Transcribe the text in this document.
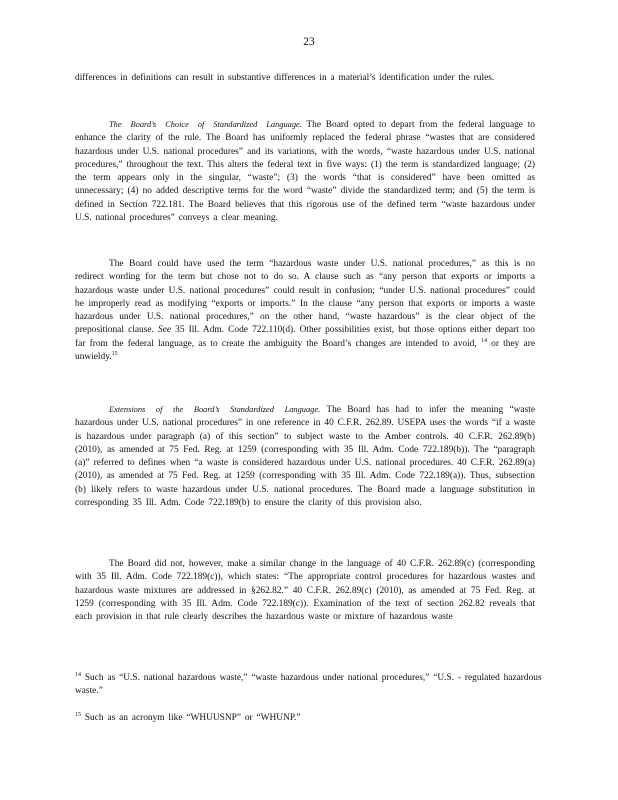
23

differences in definitions can result in substantive differences in a material’s identification under the rules.

The Board’s Choice of Standardized Language. The Board opted to depart from the federal language to enhance the clarity of the rule. The Board has uniformly replaced the federal phrase “wastes that are considered hazardous under U.S. national procedures” and its variations, with the words, “waste hazardous under U.S. national procedures,” throughout the text. This alters the federal text in five ways: (1) the term is standardized language; (2) the term appears only in the singular, “waste”; (3) the words “that is considered” have been omitted as unnecessary; (4) no added descriptive terms for the word “waste” divide the standardized term; and (5) the term is defined in Section 722.181. The Board believes that this rigorous use of the defined term “waste hazardous under U.S. national procedures” conveys a clear meaning.

The Board could have used the term “hazardous waste under U.S. national procedures,” as this is no redirect wording for the term but chose not to do so. A clause such as “any person that exports or imports a hazardous waste under U.S. national procedures” could result in confusion; “under U.S. national procedures” could be improperly read as modifying “exports or imports.” In the clause “any person that exports or imports a waste hazardous under U.S. national procedures,” on the other hand, “waste hazardous” is the clear object of the prepositional clause. See 35 Ill. Adm. Code 722.110(d). Other possibilities exist, but those options either depart too far from the federal language, as to create the ambiguity the Board’s changes are intended to avoid, $^{14}$ or they are unwieldy.$^{15}$

Extensions of the Board’s Standardized Language. The Board has had to infer the meaning “waste hazardous under U.S. national procedures” in one reference in 40 C.F.R. 262.89. USEPA uses the words “if a waste is hazardous under paragraph (a) of this section” to subject waste to the Amber controls. 40 C.F.R. 262.89(b) (2010), as amended at 75 Fed. Reg. at 1259 (corresponding with 35 Ill. Adm. Code 722.189(b)). The “paragraph (a)” referred to defines when “a waste is considered hazardous under U.S. national procedures. 40 C.F.R. 262.89(a) (2010), as amended at 75 Fed. Reg. at 1259 (corresponding with 35 Ill. Adm. Code 722.189(a)). Thus, subsection (b) likely refers to waste hazardous under U.S. national procedures. The Board made a language substitution in corresponding 35 Ill. Adm. Code 722.189(b) to ensure the clarity of this provision also.

The Board did not, however, make a similar change in the language of 40 C.F.R. 262.89(c) (corresponding with 35 Ill. Adm. Code 722.189(c)), which states: “The appropriate control procedures for hazardous wastes and hazardous waste mixtures are addressed in §262.82.” 40 C.F.R. 262.89(c) (2010), as amended at 75 Fed. Reg. at 1259 (corresponding with 35 Ill. Adm. Code 722.189(c)). Examination of the text of section 262.82 reveals that each provision in that rule clearly describes the hazardous waste or mixture of hazardous waste

$^{14}$ Such as “U.S. national hazardous waste,” “waste hazardous under national procedures,” “U.S. - regulated hazardous waste.”

$^{15}$ Such as an acronym like “WHUUSNP” or “WHUNP.”
